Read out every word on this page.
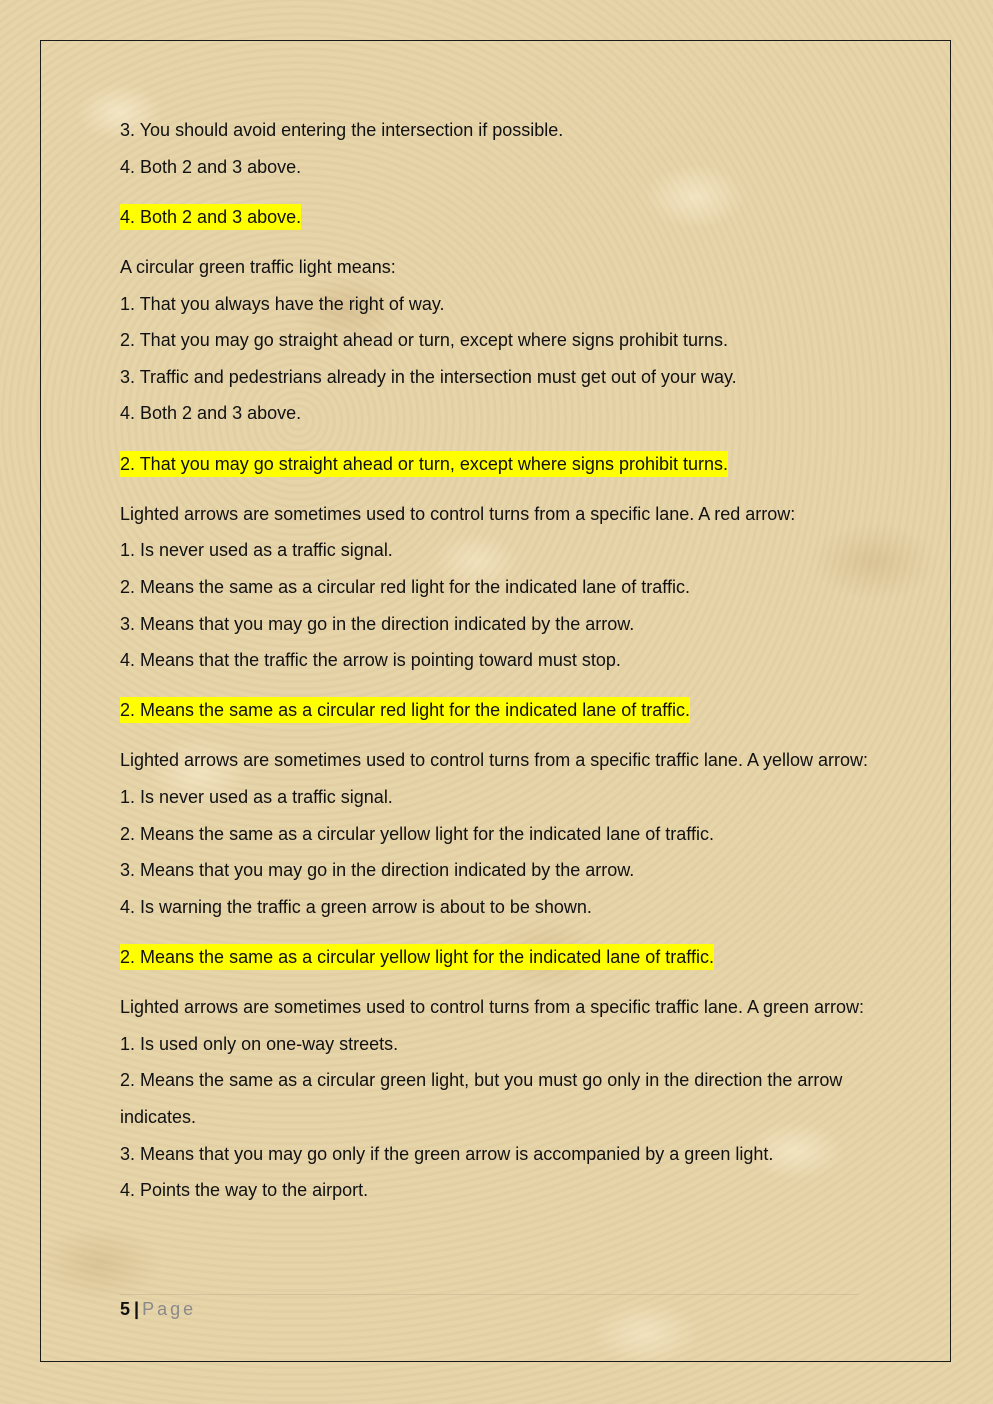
3. You should avoid entering the intersection if possible.
4. Both 2 and 3 above.
4. Both 2 and 3 above.
A circular green traffic light means:
1. That you always have the right of way.
2. That you may go straight ahead or turn, except where signs prohibit turns.
3. Traffic and pedestrians already in the intersection must get out of your way.
4. Both 2 and 3 above.
2. That you may go straight ahead or turn, except where signs prohibit turns.
Lighted arrows are sometimes used to control turns from a specific lane. A red arrow:
1. Is never used as a traffic signal.
2. Means the same as a circular red light for the indicated lane of traffic.
3. Means that you may go in the direction indicated by the arrow.
4. Means that the traffic the arrow is pointing toward must stop.
2. Means the same as a circular red light for the indicated lane of traffic.
Lighted arrows are sometimes used to control turns from a specific traffic lane. A yellow arrow:
1. Is never used as a traffic signal.
2. Means the same as a circular yellow light for the indicated lane of traffic.
3. Means that you may go in the direction indicated by the arrow.
4. Is warning the traffic a green arrow is about to be shown.
2. Means the same as a circular yellow light for the indicated lane of traffic.
Lighted arrows are sometimes used to control turns from a specific traffic lane. A green arrow:
1. Is used only on one-way streets.
2. Means the same as a circular green light, but you must go only in the direction the arrow indicates.
3. Means that you may go only if the green arrow is accompanied by a green light.
4. Points the way to the airport.
5 | Page
